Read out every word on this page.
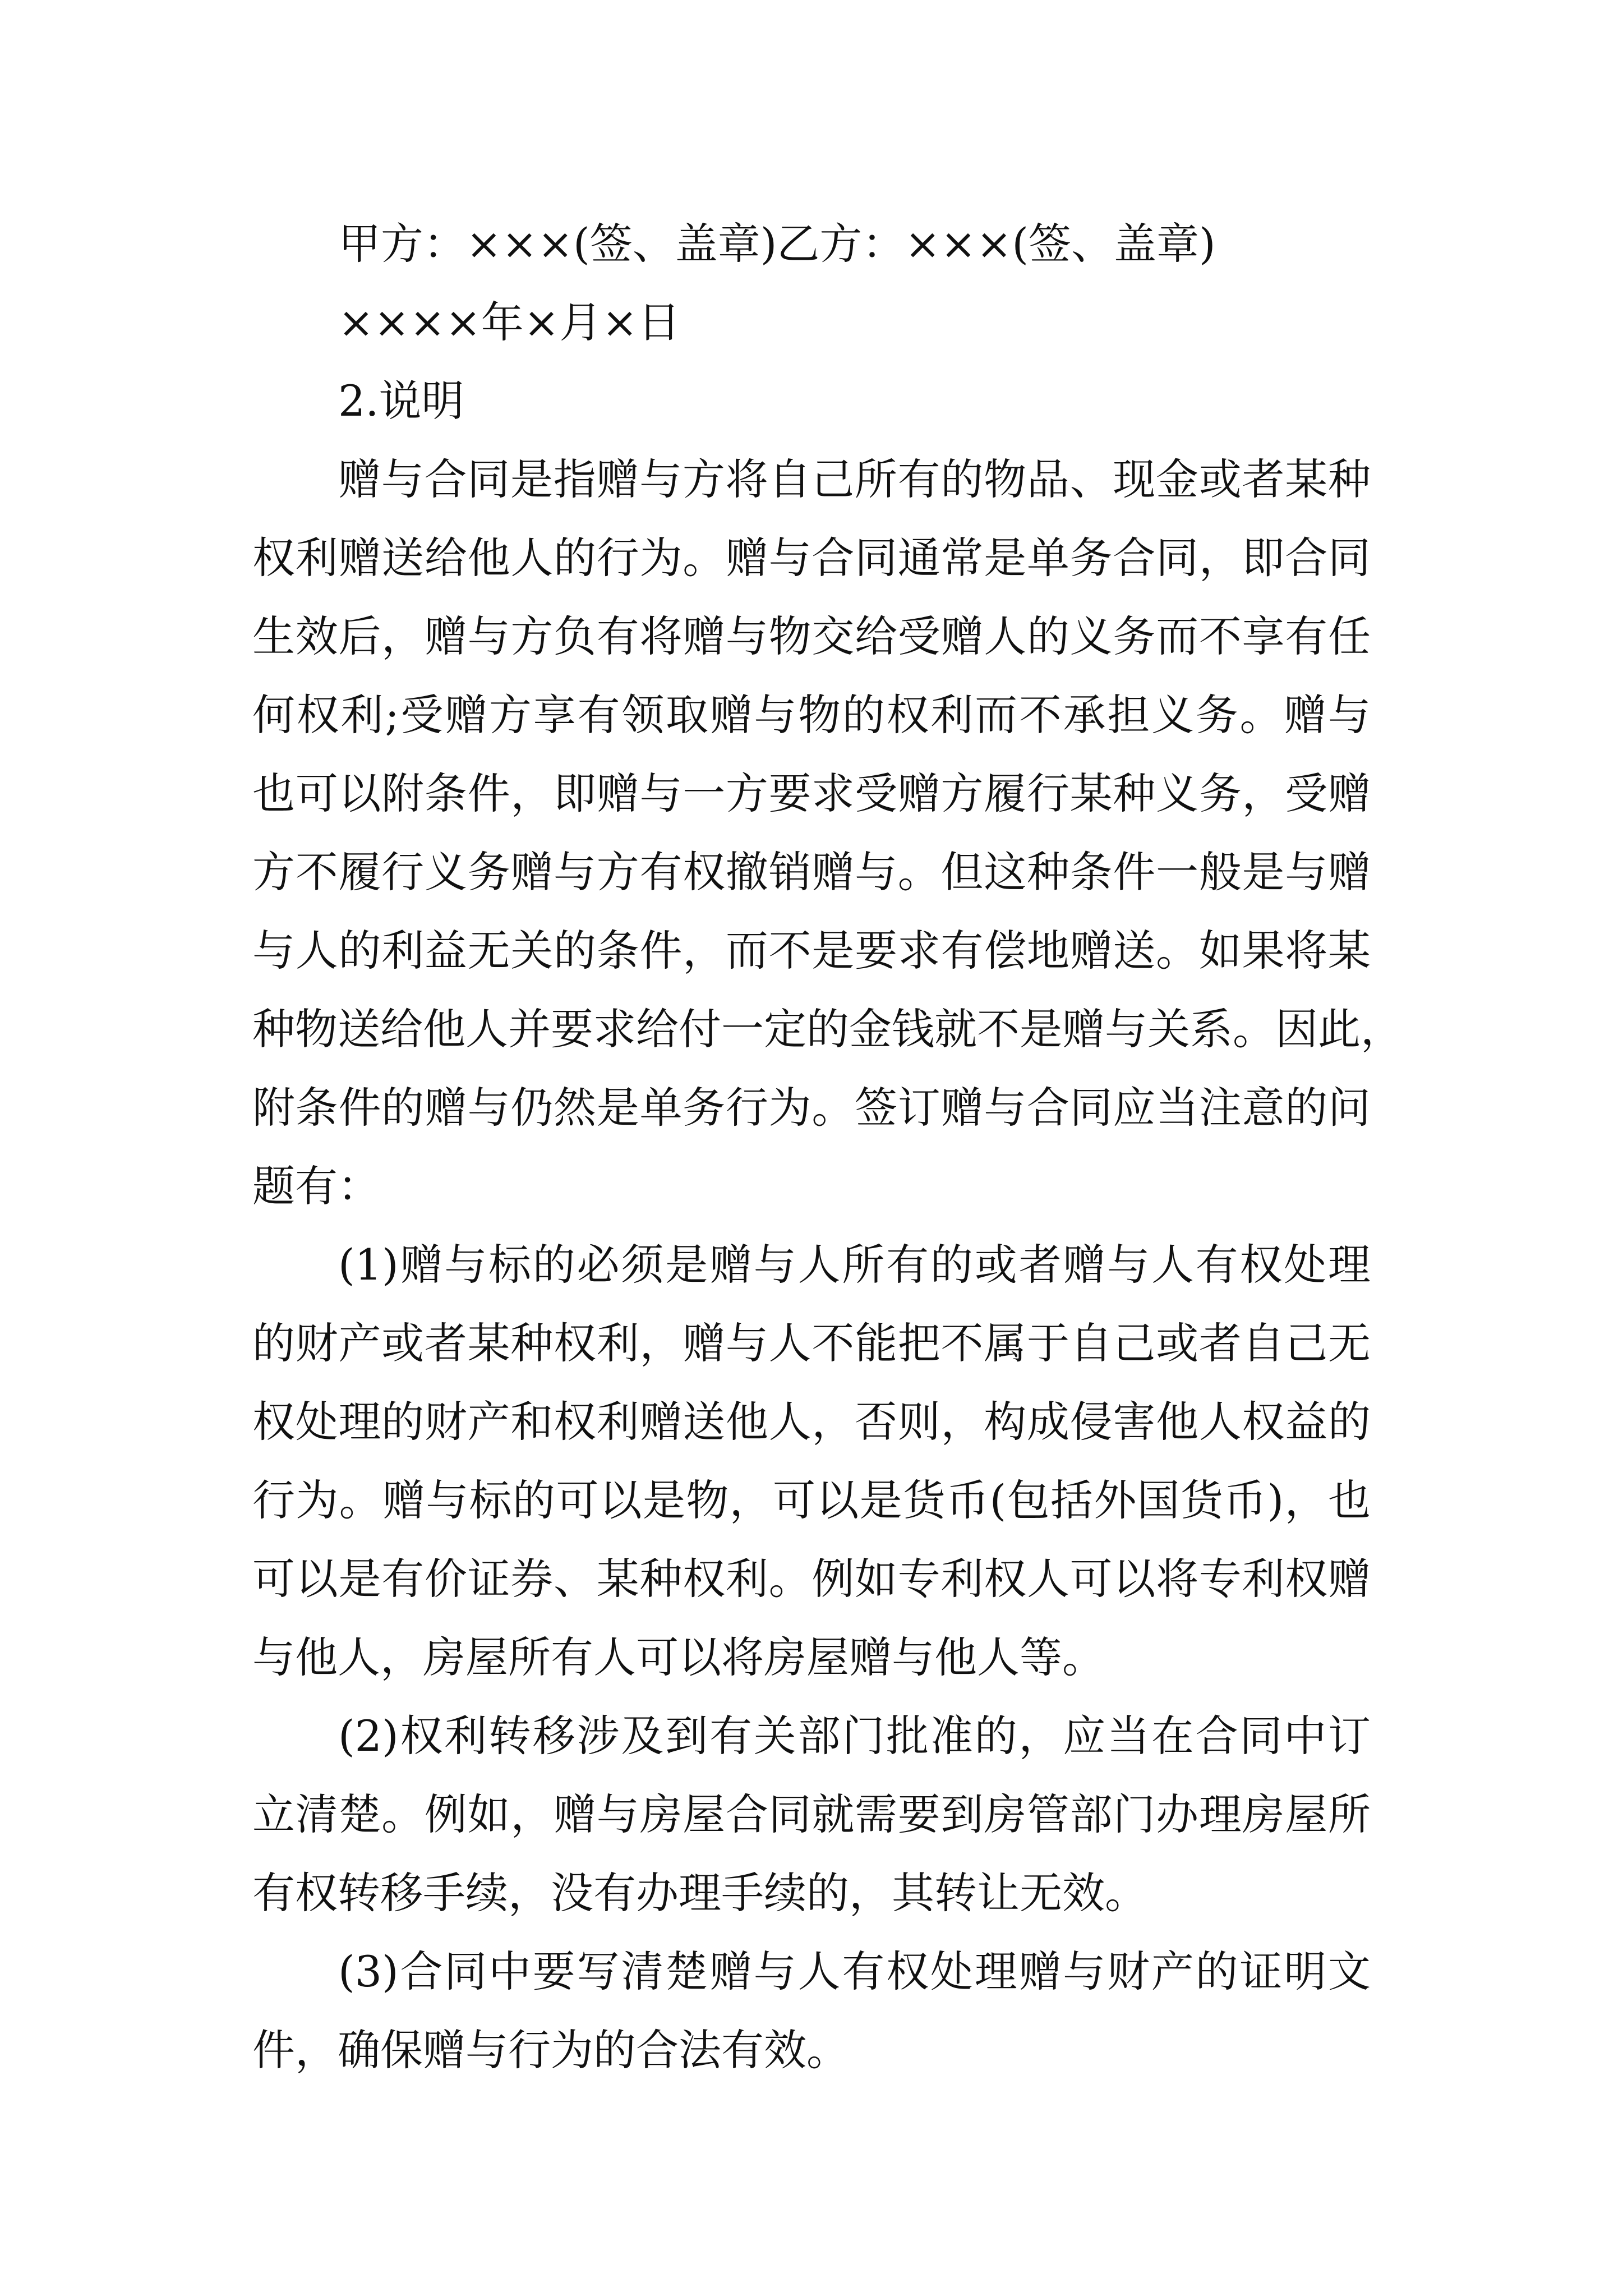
甲方：×××(签、盖章)乙方：×××(签、盖章)
××××年×月×日
2.说明
赠与合同是指赠与方将自己所有的物品、现金或者某种
权利赠送给他人的行为。赠与合同通常是单务合同，即合同
生效后，赠与方负有将赠与物交给受赠人的义务而不享有任
何权利;受赠方享有领取赠与物的权利而不承担义务。赠与
也可以附条件，即赠与一方要求受赠方履行某种义务，受赠
方不履行义务赠与方有权撤销赠与。但这种条件一般是与赠
与人的利益无关的条件，而不是要求有偿地赠送。如果将某
种物送给他人并要求给付一定的金钱就不是赠与关系。因此，
附条件的赠与仍然是单务行为。签订赠与合同应当注意的问
题有：
(1)赠与标的必须是赠与人所有的或者赠与人有权处理
的财产或者某种权利，赠与人不能把不属于自己或者自己无
权处理的财产和权利赠送他人，否则，构成侵害他人权益的
行为。赠与标的可以是物，可以是货币(包括外国货币)，也
可以是有价证券、某种权利。例如专利权人可以将专利权赠
与他人，房屋所有人可以将房屋赠与他人等。
(2)权利转移涉及到有关部门批准的，应当在合同中订
立清楚。例如，赠与房屋合同就需要到房管部门办理房屋所
有权转移手续，没有办理手续的，其转让无效。
(3)合同中要写清楚赠与人有权处理赠与财产的证明文
件，确保赠与行为的合法有效。
